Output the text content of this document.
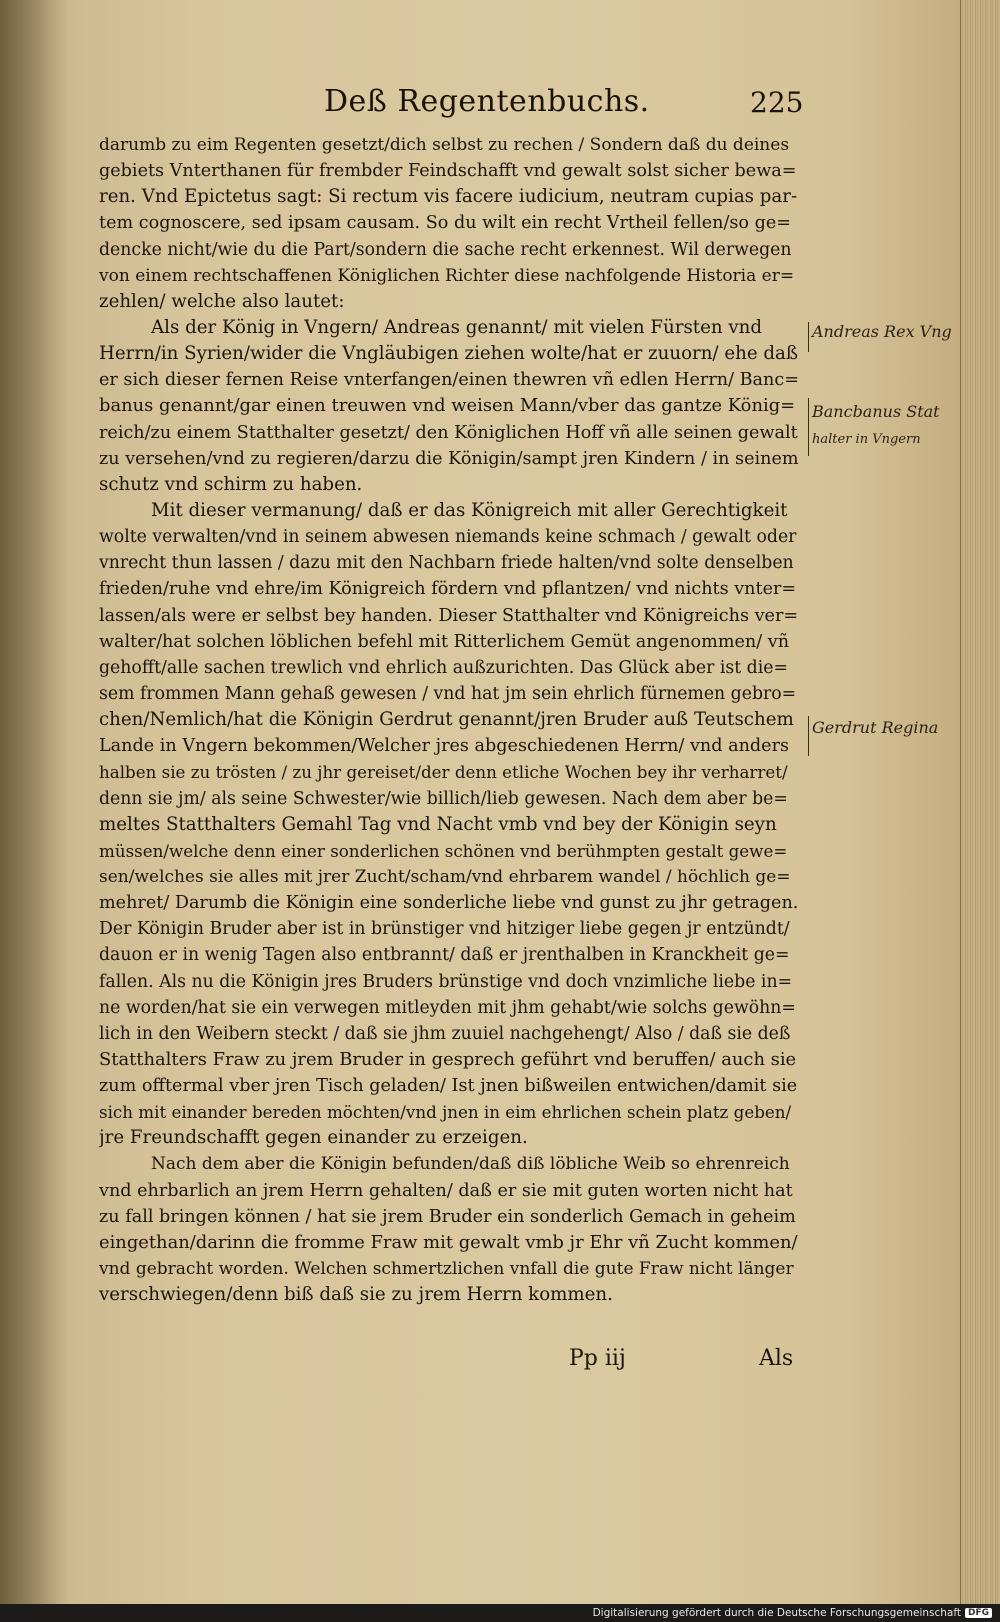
Deß Regentenbuchs.	225
darumb zu eim Regenten gesetzt/dich selbst zu rechen / Sondern daß du deines
gebiets Vnterthanen für frembder Feindschafft vnd gewalt solst sicher bewa=
ren. Vnd Epictetus sagt: Si rectum vis facere iudicium, neutram cupias par-
tem cognoscere, sed ipsam causam. So du wilt ein recht Vrtheil fellen/so ge=
dencke nicht/wie du die Part/sondern die sache recht erkennest. Wil derwegen
von einem rechtschaffenen Königlichen Richter diese nachfolgende Historia er=
zehlen/ welche also lautet:
Als der König in Vngern/ Andreas genannt/ mit vielen Fürsten vnd
Herrn/in Syrien/wider die Vngläubigen ziehen wolte/hat er zuuorn/ ehe daß
er sich dieser fernen Reise vnterfangen/einen thewren vñ edlen Herrn/ Banc=
banus genannt/gar einen treuwen vnd weisen Mann/vber das gantze König=
reich/zu einem Statthalter gesetzt/ den Königlichen Hoff vñ alle seinen gewalt
zu versehen/vnd zu regieren/darzu die Königin/sampt jren Kindern / in seinem
schutz vnd schirm zu haben.
Mit dieser vermanung/ daß er das Königreich mit aller Gerechtigkeit
wolte verwalten/vnd in seinem abwesen niemands keine schmach / gewalt oder
vnrecht thun lassen / dazu mit den Nachbarn friede halten/vnd solte denselben
frieden/ruhe vnd ehre/im Königreich fördern vnd pflantzen/ vnd nichts vnter=
lassen/als were er selbst bey handen. Dieser Statthalter vnd Königreichs ver=
walter/hat solchen löblichen befehl mit Ritterlichem Gemüt angenommen/ vñ
gehofft/alle sachen trewlich vnd ehrlich außzurichten. Das Glück aber ist die=
sem frommen Mann gehaß gewesen / vnd hat jm sein ehrlich fürnemen gebro=
chen/Nemlich/hat die Königin Gerdrut genannt/jren Bruder auß Teutschem
Lande in Vngern bekommen/Welcher jres abgeschiedenen Herrn/ vnd anders
halben sie zu trösten / zu jhr gereiset/der denn etliche Wochen bey ihr verharret/
denn sie jm/ als seine Schwester/wie billich/lieb gewesen. Nach dem aber be=
meltes Statthalters Gemahl Tag vnd Nacht vmb vnd bey der Königin seyn
müssen/welche denn einer sonderlichen schönen vnd berühmpten gestalt gewe=
sen/welches sie alles mit jrer Zucht/scham/vnd ehrbarem wandel / höchlich ge=
mehret/ Darumb die Königin eine sonderliche liebe vnd gunst zu jhr getragen.
Der Königin Bruder aber ist in brünstiger vnd hitziger liebe gegen jr entzündt/
dauon er in wenig Tagen also entbrannt/ daß er jrenthalben in Kranckheit ge=
fallen. Als nu die Königin jres Bruders brünstige vnd doch vnzimliche liebe in=
ne worden/hat sie ein verwegen mitleyden mit jhm gehabt/wie solchs gewöhn=
lich in den Weibern steckt / daß sie jhm zuuiel nachgehengt/ Also / daß sie deß
Statthalters Fraw zu jrem Bruder in gesprech geführt vnd beruffen/ auch sie
zum offtermal vber jren Tisch geladen/ Ist jnen bißweilen entwichen/damit sie
sich mit einander bereden möchten/vnd jnen in eim ehrlichen schein platz geben/
jre Freundschafft gegen einander zu erzeigen.
Nach dem aber die Königin befunden/daß diß löbliche Weib so ehrenreich
vnd ehrbarlich an jrem Herrn gehalten/ daß er sie mit guten worten nicht hat
zu fall bringen können / hat sie jrem Bruder ein sonderlich Gemach in geheim
eingethan/darinn die fromme Fraw mit gewalt vmb jr Ehr vñ Zucht kommen/
vnd gebracht worden. Welchen schmertzlichen vnfall die gute Fraw nicht länger
verschwiegen/denn biß daß sie zu jrem Herrn kommen.
Pp iij	Als
Andreas Rex Vng
Bancbanus Stat
halter in Vngern
Gerdrut Regina
Digitalisierung gefördert durch die Deutsche Forschungsgemeinschaft DFG
